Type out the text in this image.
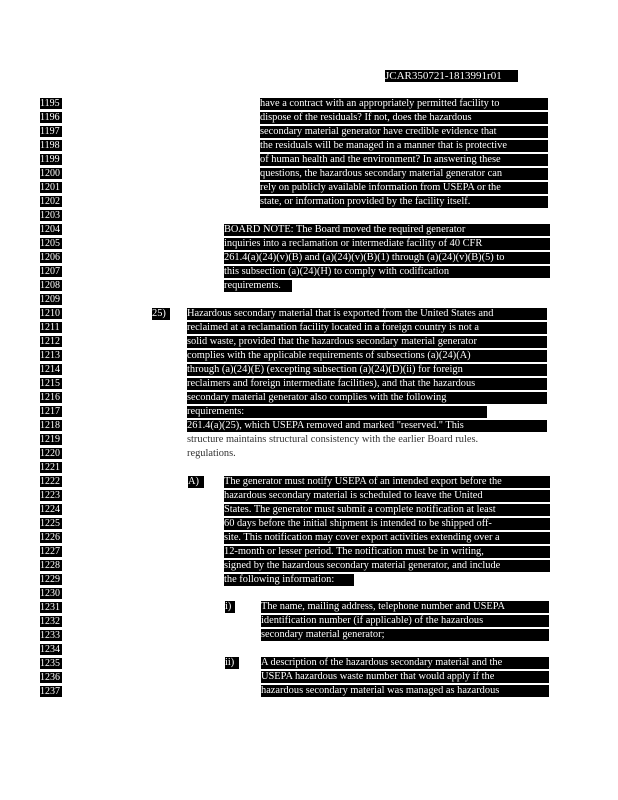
JCAR350721-1813991r01
1195
1196
1197
1198
1199
1200
1201
1202
1203
1204
1205
1206
1207
1208
1209
1210
1211
1212
1213
1214
1215
1216
1217
1218
1219
1220
1221
1222
1223
1224
1225
1226
1227
1228
1229
1230
1231
1232
1233
1234
1235
1236
1237
have a contract with an appropriately permitted facility to
dispose of the residuals? If not, does the hazardous
secondary material generator have credible evidence that
the residuals will be managed in a manner that is protective
of human health and the environment? In answering these
questions, the hazardous secondary material generator can
rely on publicly available information from USEPA or the
state, or information provided by the facility itself.
BOARD NOTE: The Board moved the required generator
inquiries into a reclamation or intermediate facility of 40 CFR
261.4(a)(24)(v)(B) and (a)(24)(v)(B)(1) through (a)(24)(v)(B)(5) to
this subsection (a)(24)(H) to comply with codification
requirements.
25)	Hazardous secondary material that is exported from the United States and
reclaimed at a reclamation facility located in a foreign country is not a
solid waste, provided that the hazardous secondary material generator
complies with the applicable requirements of subsections (a)(24)(A)
through (a)(24)(E) (excepting subsection (a)(24)(D)(ii) for foreign
reclaimers and foreign intermediate facilities), and that the hazardous
secondary material generator also complies with the following
requirements:
261.4(a)(25), which USEPA removed and marked "reserved." This
structure maintains structural consistency with the earlier Board rules.
regulations.
A)	The generator must notify USEPA of an intended export before the
hazardous secondary material is scheduled to leave the United
States. The generator must submit a complete notification at least
60 days before the initial shipment is intended to be shipped off-
site. This notification may cover export activities extending over a
12-month or lesser period. The notification must be in writing,
signed by the hazardous secondary material generator, and include
the following information:
i)	The name, mailing address, telephone number and USEPA
identification number (if applicable) of the hazardous
secondary material generator;
ii)	A description of the hazardous secondary material and the
USEPA hazardous waste number that would apply if the
hazardous secondary material was managed as hazardous
